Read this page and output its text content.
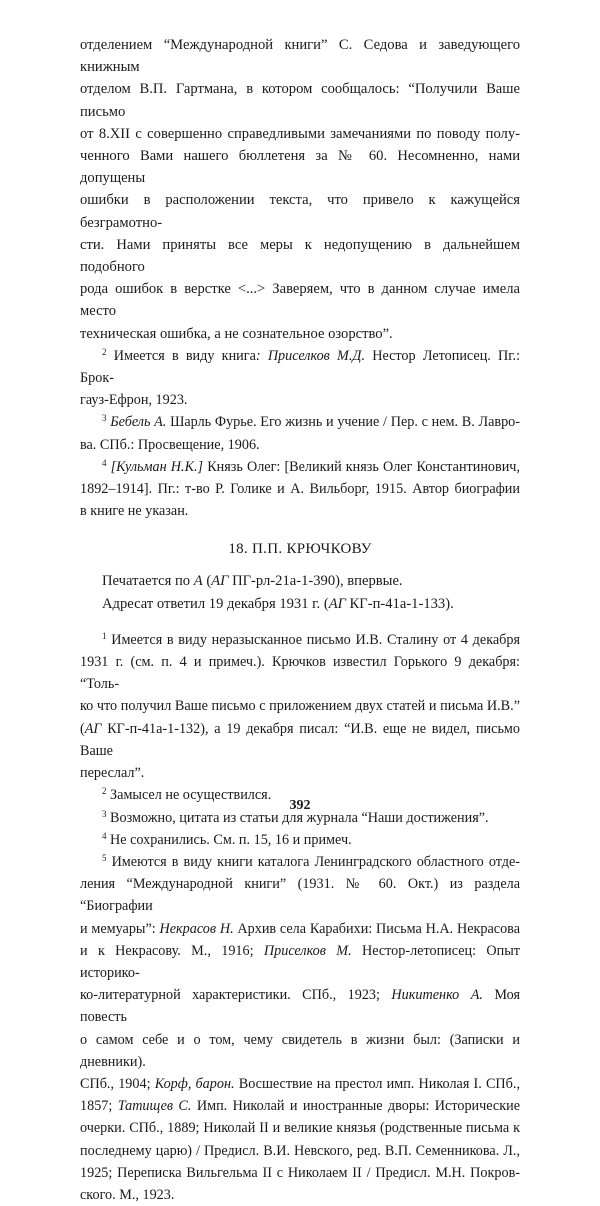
отделением “Международной книги” С. Седова и заведующего книжным

отделом В.П. Гартмана, в котором сообщалось: “Получили Ваше письмо

от 8.XII с совершенно справедливыми замечаниями по поводу полу-

ченного Вами нашего бюллетеня за № 60. Несомненно, нами допущены

ошибки в расположении текста, что привело к кажущейся безграмотно-

сти. Нами приняты все меры к недопущению в дальнейшем подобного

рода ошибок в верстке <...> Заверяем, что в данном случае имела место

техническая ошибка, а не сознательное озорство”.

$^2$ Имеется в виду книга: Приселков М.Д. Нестор Летописец. Пг.: Брок-

гауз-Ефрон, 1923.

$^3$ Бебель А. Шарль Фурье. Его жизнь и учение / Пер. с нем. В. Лавро-

ва. СПб.: Просвещение, 1906.

$^4$ [Кульман Н.К.] Князь Олег: [Великий князь Олег Константинович,

1892–1914]. Пг.: т-во Р. Голике и А. Вильборг, 1915. Автор биографии

в книге не указан.

18. П.П. КРЮЧКОВУ

Печатается по А (АГ ПГ-рл-21а-1-390), впервые.

Адресат ответил 19 декабря 1931 г. (АГ КГ-п-41а-1-133).

$^1$ Имеется в виду неразысканное письмо И.В. Сталину от 4 декабря

1931 г. (см. п. 4 и примеч.). Крючков известил Горького 9 декабря: “Толь-

ко что получил Ваше письмо с приложением двух статей и письма И.В.”

(АГ КГ-п-41а-1-132), а 19 декабря писал: “И.В. еще не видел, письмо Ваше

переслал”.

$^2$ Замысел не осуществился.

$^3$ Возможно, цитата из статьи для журнала “Наши достижения”.

$^4$ Не сохранились. См. п. 15, 16 и примеч.

$^5$ Имеются в виду книги каталога Ленинградского областного отде-

ления “Международной книги” (1931. № 60. Окт.) из раздела “Биографии

и мемуары”: Некрасов Н. Архив села Карабихи: Письма Н.А. Некрасова

и к Некрасову. М., 1916; Приселков М. Нестор-летописец: Опыт историко-

ко-литературной характеристики. СПб., 1923; Никитенко А. Моя повесть

о самом себе и о том, чему свидетель в жизни был: (Записки и дневники).

СПб., 1904; Корф, барон. Восшествие на престол имп. Николая I. СПб.,

1857; Татищев С. Имп. Николай и иностранные дворы: Исторические

очерки. СПб., 1889; Николай II и великие князья (родственные письма к

последнему царю) / Предисл. В.И. Невского, ред. В.П. Семенникова. Л.,

1925; Переписка Вильгельма II с Николаем II / Предисл. М.Н. Покров-

ского. М., 1923.

392
